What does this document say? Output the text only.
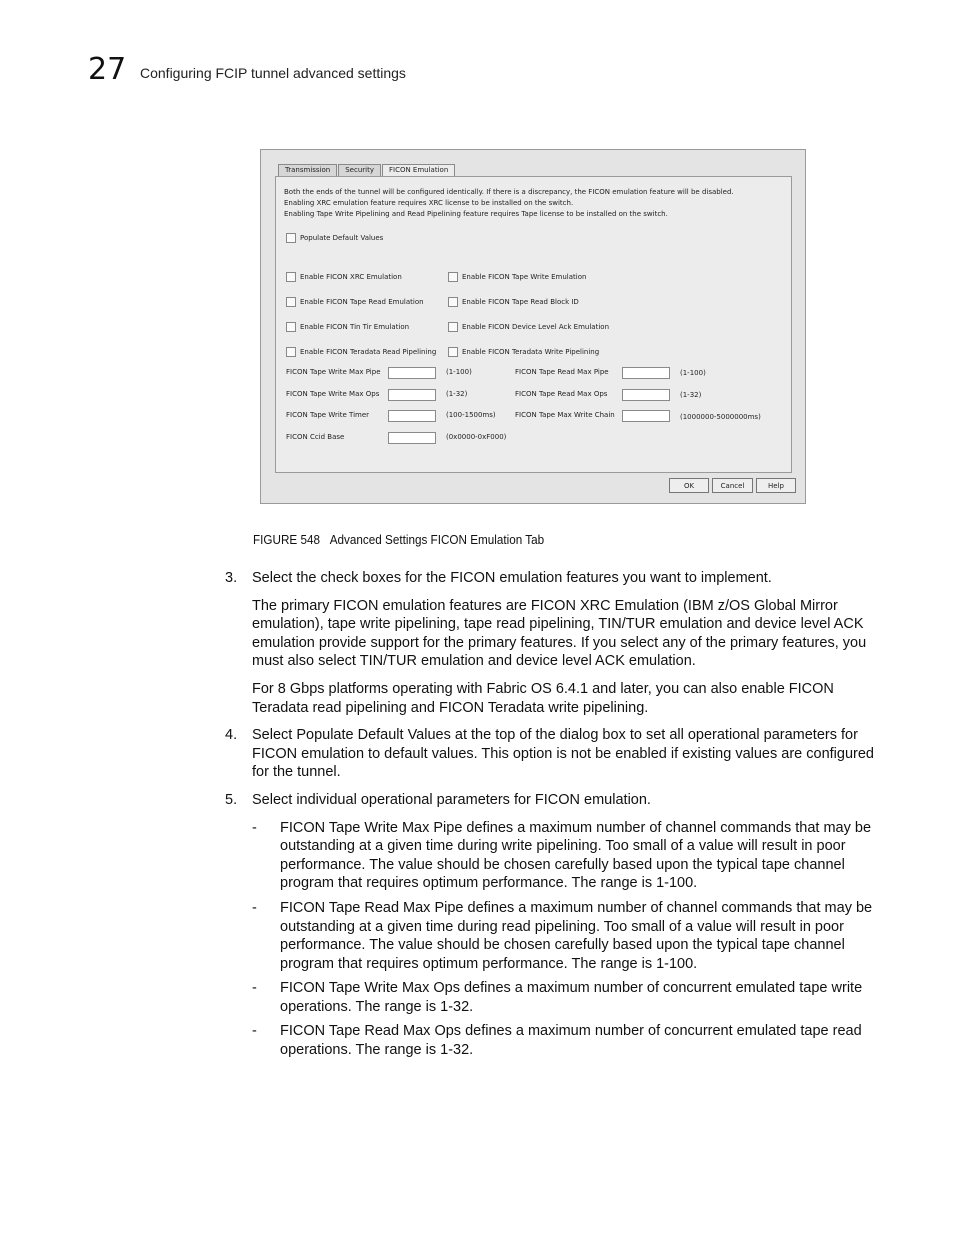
27 Configuring FCIP tunnel advanced settings
Transmission	Security	FICON Emulation
Both the ends of the tunnel will be configured identically. If there is a discrepancy, the FICON emulation feature will be disabled.
Enabling XRC emulation feature requires XRC license to be installed on the switch.
Enabling Tape Write Pipelining and Read Pipelining feature requires Tape license to be installed on the switch.
Populate Default Values
Enable FICON XRC Emulation	Enable FICON Tape Write Emulation
Enable FICON Tape Read Emulation	Enable FICON Tape Read Block ID
Enable FICON Tin Tir Emulation	Enable FICON Device Level Ack Emulation
Enable FICON Teradata Read Pipelining	Enable FICON Teradata Write Pipelining
FICON Tape Write Max Pipe	(1-100)	FICON Tape Read Max Pipe	(1-100)
FICON Tape Write Max Ops	(1-32)	FICON Tape Read Max Ops	(1-32)
FICON Tape Write Timer	(100-1500ms)	FICON Tape Max Write Chain	(1000000-5000000ms)
FICON Ccid Base	(0x0000-0xF000)
OK	Cancel	Help
FIGURE 548 Advanced Settings FICON Emulation Tab
3. Select the check boxes for the FICON emulation features you want to implement.
The primary FICON emulation features are FICON XRC Emulation (IBM z/OS Global Mirror emulation), tape write pipelining, tape read pipelining, TIN/TUR emulation and device level ACK emulation provide support for the primary features. If you select any of the primary features, you must also select TIN/TUR emulation and device level ACK emulation.
For 8 Gbps platforms operating with Fabric OS 6.4.1 and later, you can also enable FICON Teradata read pipelining and FICON Teradata write pipelining.
4. Select Populate Default Values at the top of the dialog box to set all operational parameters for FICON emulation to default values. This option is not be enabled if existing values are configured for the tunnel.
5. Select individual operational parameters for FICON emulation.
- FICON Tape Write Max Pipe defines a maximum number of channel commands that may be outstanding at a given time during write pipelining. Too small of a value will result in poor performance. The value should be chosen carefully based upon the typical tape channel program that requires optimum performance. The range is 1-100.
- FICON Tape Read Max Pipe defines a maximum number of channel commands that may be outstanding at a given time during read pipelining. Too small of a value will result in poor performance. The value should be chosen carefully based upon the typical tape channel program that requires optimum performance. The range is 1-100.
- FICON Tape Write Max Ops defines a maximum number of concurrent emulated tape write operations. The range is 1-32.
- FICON Tape Read Max Ops defines a maximum number of concurrent emulated tape read operations. The range is 1-32.
